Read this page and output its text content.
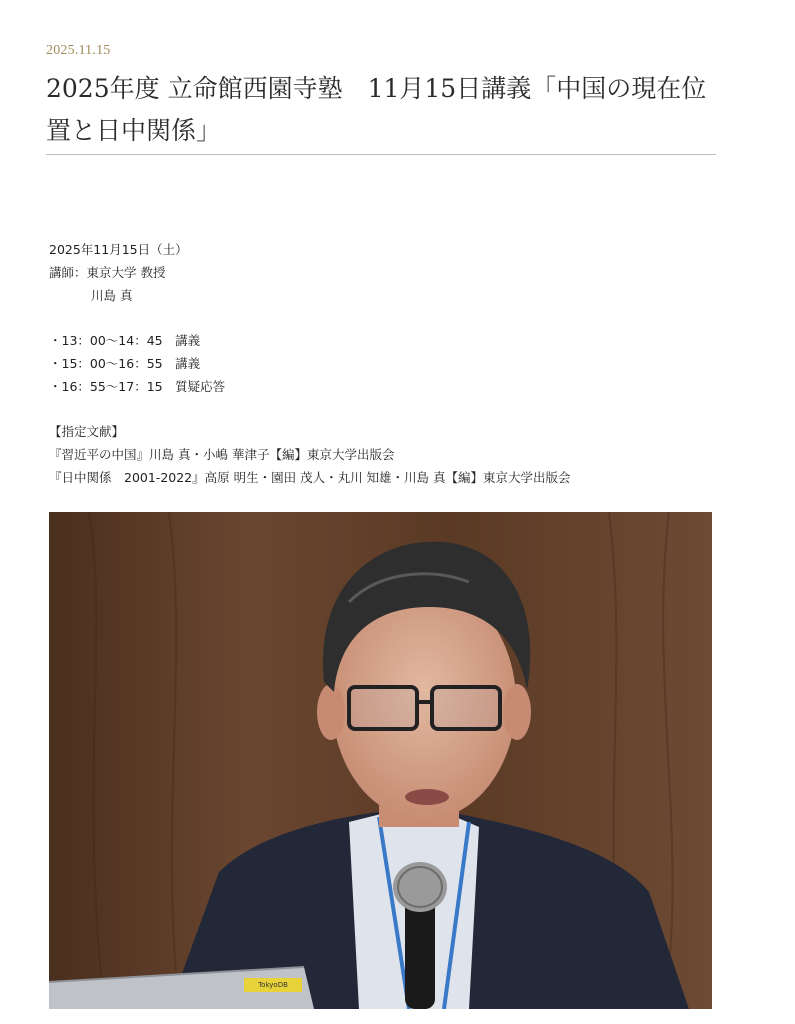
2025.11.15
2025年度 立命館西園寺塾　11月15日講義「中国の現在位置と日中関係」
2025年11月15日（土）
講師：東京大学 教授
川島 真
・13：00〜14：45　講義
・15：00〜16：55　講義
・16：55〜17：15　質疑応答
【指定文献】
『習近平の中国』川島 真・小嶋 華津子【編】東京大学出版会
『日中関係　2001-2022』高原 明生・園田 茂人・丸川 知雄・川島 真【編】東京大学出版会
TokyoDB
